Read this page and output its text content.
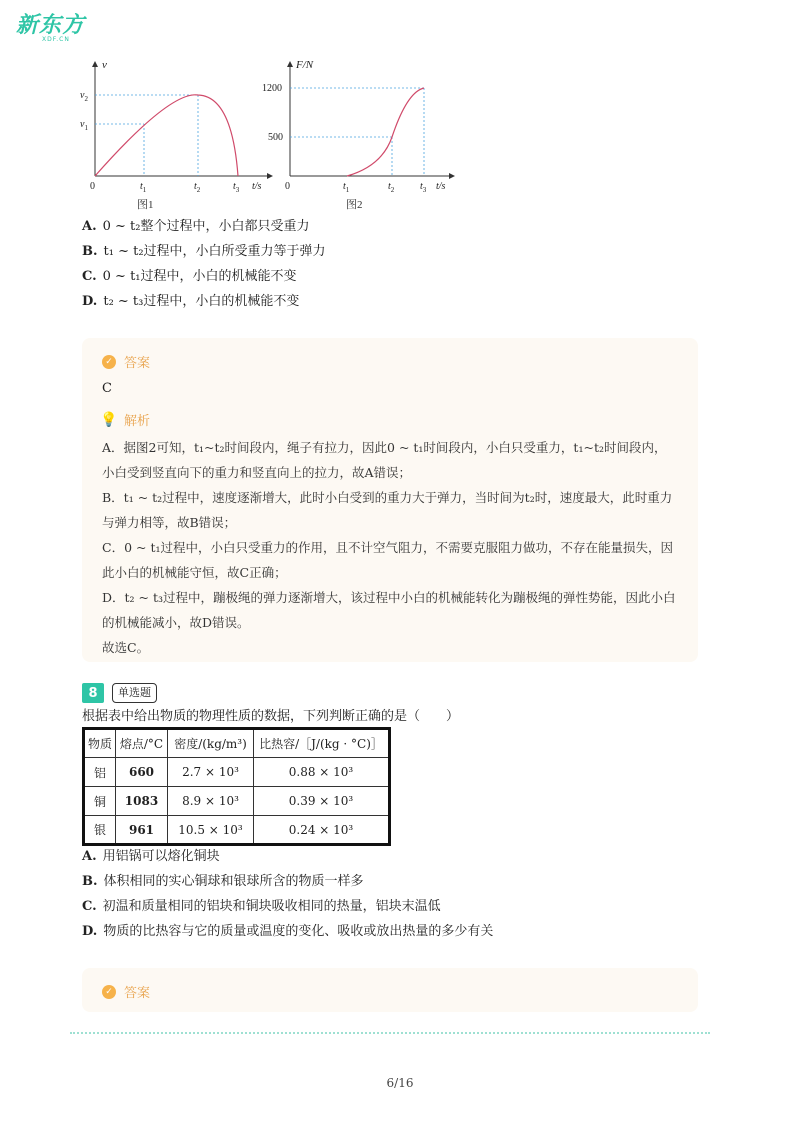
新东方
XDF.CN
v
$v_2$
$v_1$
0	$t_1$	$t_2$	$t_3$ t/s
图1
F/N
1200
500
0	$t_1$	$t_2$	$t_3$ t/s
图2
A. 0 ~ t₂整个过程中，小白都只受重力
B. t₁ ~ t₂过程中，小白所受重力等于弹力
C. 0 ~ t₁过程中，小白的机械能不变
D. t₂ ~ t₃过程中，小白的机械能不变
✓ 答案
C
💡 解析

A．据图2可知，t₁~t₂时间段内，绳子有拉力，因此0 ~ t₁时间段内，小白只受重力，t₁~t₂时间段内，小白受到竖直向下的重力和竖直向上的拉力，故A错误；

B．t₁ ~ t₂过程中，速度逐渐增大，此时小白受到的重力大于弹力，当时间为t₂时，速度最大，此时重力与弹力相等，故B错误；

C．0 ~ t₁过程中，小白只受重力的作用，且不计空气阻力，不需要克服阻力做功，不存在能量损失，因此小白的机械能守恒，故C正确；

D．t₂ ~ t₃过程中，蹦极绳的弹力逐渐增大，该过程中小白的机械能转化为蹦极绳的弹性势能，因此小白的机械能减小，故D错误。

故选C。

8	单选题
根据表中给出物质的物理性质的数据，下列判断正确的是（　　）
物质	熔点/°C	密度/(kg/m³)	比热容/［J/(kg · °C)］
铝	660	2.7 × 10³	0.88 × 10³
铜	1083	8.9 × 10³	0.39 × 10³
银	961	10.5 × 10³	0.24 × 10³
A. 用铝锅可以熔化铜块
B. 体积相同的实心铜球和银球所含的物质一样多
C. 初温和质量相同的铝块和铜块吸收相同的热量，铝块末温低
D. 物质的比热容与它的质量或温度的变化、吸收或放出热量的多少有关
✓ 答案
6/16
